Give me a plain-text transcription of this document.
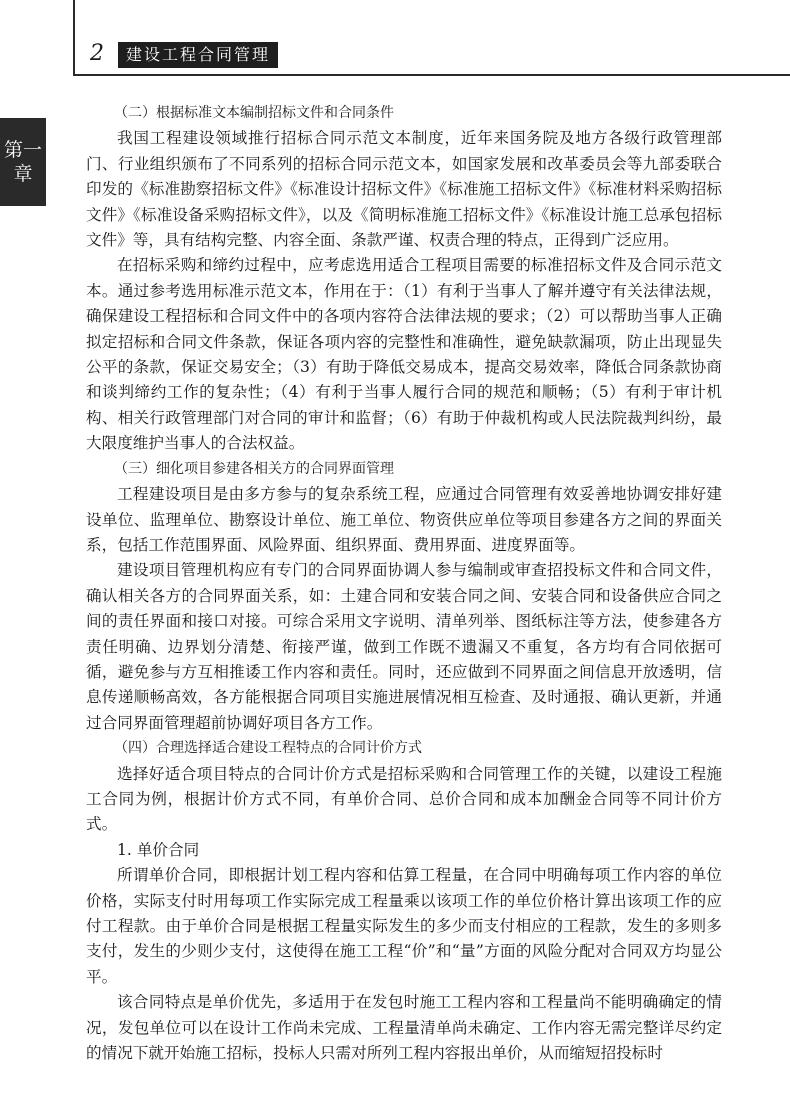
2	建设工程合同管理
第一
章

（二）根据标准文本编制招标文件和合同条件

我国工程建设领域推行招标合同示范文本制度，近年来国务院及地方各级行政管理部门、行业组织颁布了不同系列的招标合同示范文本，如国家发展和改革委员会等九部委联合印发的《标准勘察招标文件》《标准设计招标文件》《标准施工招标文件》《标准材料采购招标文件》《标准设备采购招标文件》，以及《简明标准施工招标文件》《标准设计施工总承包招标文件》等，具有结构完整、内容全面、条款严谨、权责合理的特点，正得到广泛应用。

在招标采购和缔约过程中，应考虑选用适合工程项目需要的标准招标文件及合同示范文本。通过参考选用标准示范文本，作用在于：（1）有利于当事人了解并遵守有关法律法规，确保建设工程招标和合同文件中的各项内容符合法律法规的要求；（2）可以帮助当事人正确拟定招标和合同文件条款，保证各项内容的完整性和准确性，避免缺款漏项，防止出现显失公平的条款，保证交易安全；（3）有助于降低交易成本，提高交易效率，降低合同条款协商和谈判缔约工作的复杂性；（4）有利于当事人履行合同的规范和顺畅；（5）有利于审计机构、相关行政管理部门对合同的审计和监督；（6）有助于仲裁机构或人民法院裁判纠纷，最大限度维护当事人的合法权益。

（三）细化项目参建各相关方的合同界面管理

工程建设项目是由多方参与的复杂系统工程，应通过合同管理有效妥善地协调安排好建设单位、监理单位、勘察设计单位、施工单位、物资供应单位等项目参建各方之间的界面关系，包括工作范围界面、风险界面、组织界面、费用界面、进度界面等。

建设项目管理机构应有专门的合同界面协调人参与编制或审查招投标文件和合同文件，确认相关各方的合同界面关系，如：土建合同和安装合同之间、安装合同和设备供应合同之间的责任界面和接口对接。可综合采用文字说明、清单列举、图纸标注等方法，使参建各方责任明确、边界划分清楚、衔接严谨，做到工作既不遗漏又不重复，各方均有合同依据可循，避免参与方互相推诿工作内容和责任。同时，还应做到不同界面之间信息开放透明，信息传递顺畅高效，各方能根据合同项目实施进展情况相互检查、及时通报、确认更新，并通过合同界面管理超前协调好项目各方工作。

（四）合理选择适合建设工程特点的合同计价方式

选择好适合项目特点的合同计价方式是招标采购和合同管理工作的关键，以建设工程施工合同为例，根据计价方式不同，有单价合同、总价合同和成本加酬金合同等不同计价方式。

1. 单价合同

所谓单价合同，即根据计划工程内容和估算工程量，在合同中明确每项工作内容的单位价格，实际支付时用每项工作实际完成工程量乘以该项工作的单位价格计算出该项工作的应付工程款。由于单价合同是根据工程量实际发生的多少而支付相应的工程款，发生的多则多支付，发生的少则少支付，这使得在施工工程“价”和“量”方面的风险分配对合同双方均显公平。

该合同特点是单价优先，多适用于在发包时施工工程内容和工程量尚不能明确确定的情况，发包单位可以在设计工作尚未完成、工程量清单尚未确定、工作内容无需完整详尽约定的情况下就开始施工招标，投标人只需对所列工程内容报出单价，从而缩短招投标时
